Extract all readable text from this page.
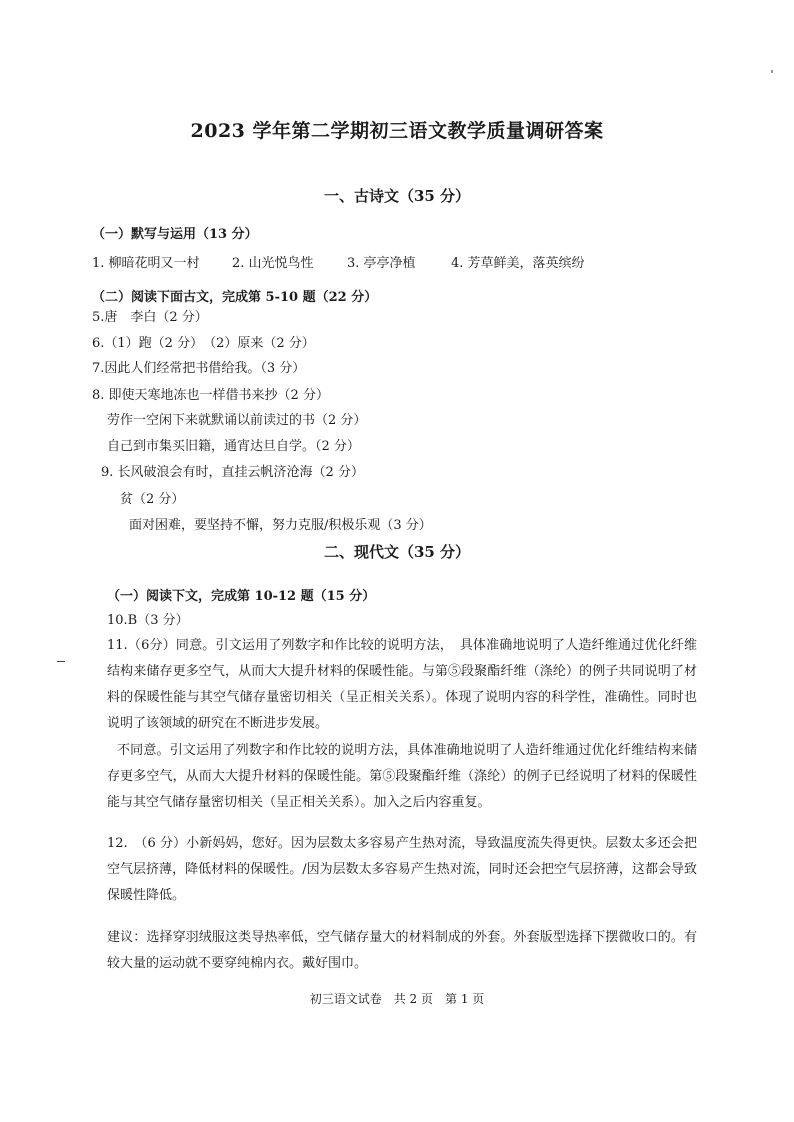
2023 学年第二学期初三语文教学质量调研答案
一、古诗文（35 分）
（一）默写与运用（13 分）
1. 柳暗花明又一村 2. 山光悦鸟性	3. 亭亭净植	4. 芳草鲜美，落英缤纷
（二）阅读下面古文，完成第 5-10 题（22 分）
5.唐　李白（2 分）
6.（1）跑（2 分）　（2）原来（2 分）
7.因此人们经常把书借给我。（3 分）
8. 即使天寒地冻也一样借书来抄（2 分）
劳作一空闲下来就默诵以前读过的书（2 分）
自己到市集买旧籍，通宵达旦自学。（2 分）
9. 长风破浪会有时，直挂云帆济沧海（2 分）
贫（2 分）
面对困难，要坚持不懈，努力克服/积极乐观（3 分）
二、现代文（35 分）
（一）阅读下文，完成第 10-12 题（15 分）
10.B（3 分）
11.（6分）同意。引文运用了列数字和作比较的说明方法，　具体准确地说明了人造纤维通过优化纤维结构来储存更多空气，从而大大提升材料的保暖性能。与第⑤段聚酯纤维（涤纶）的例子共同说明了材料的保暖性能与其空气储存量密切相关（呈正相关关系）。体现了说明内容的科学性，准确性。同时也说明了该领域的研究在不断进步发展。
不同意。引文运用了列数字和作比较的说明方法，具体准确地说明了人造纤维通过优化纤维结构来储存更多空气，从而大大提升材料的保暖性能。第⑤段聚酯纤维（涤纶）的例子已经说明了材料的保暖性能与其空气储存量密切相关（呈正相关关系）。加入之后内容重复。
12.　（6 分）小新妈妈，您好。因为层数太多容易产生热对流，导致温度流失得更快。层数太多还会把空气层挤薄，降低材料的保暖性。/因为层数太多容易产生热对流，同时还会把空气层挤薄，这都会导致保暖性降低。
建议：选择穿羽绒服这类导热率低，空气储存量大的材料制成的外套。外套版型选择下摆微收口的。有较大量的运动就不要穿纯棉内衣。戴好围巾。
初三语文试卷　共 2 页　第 1 页
